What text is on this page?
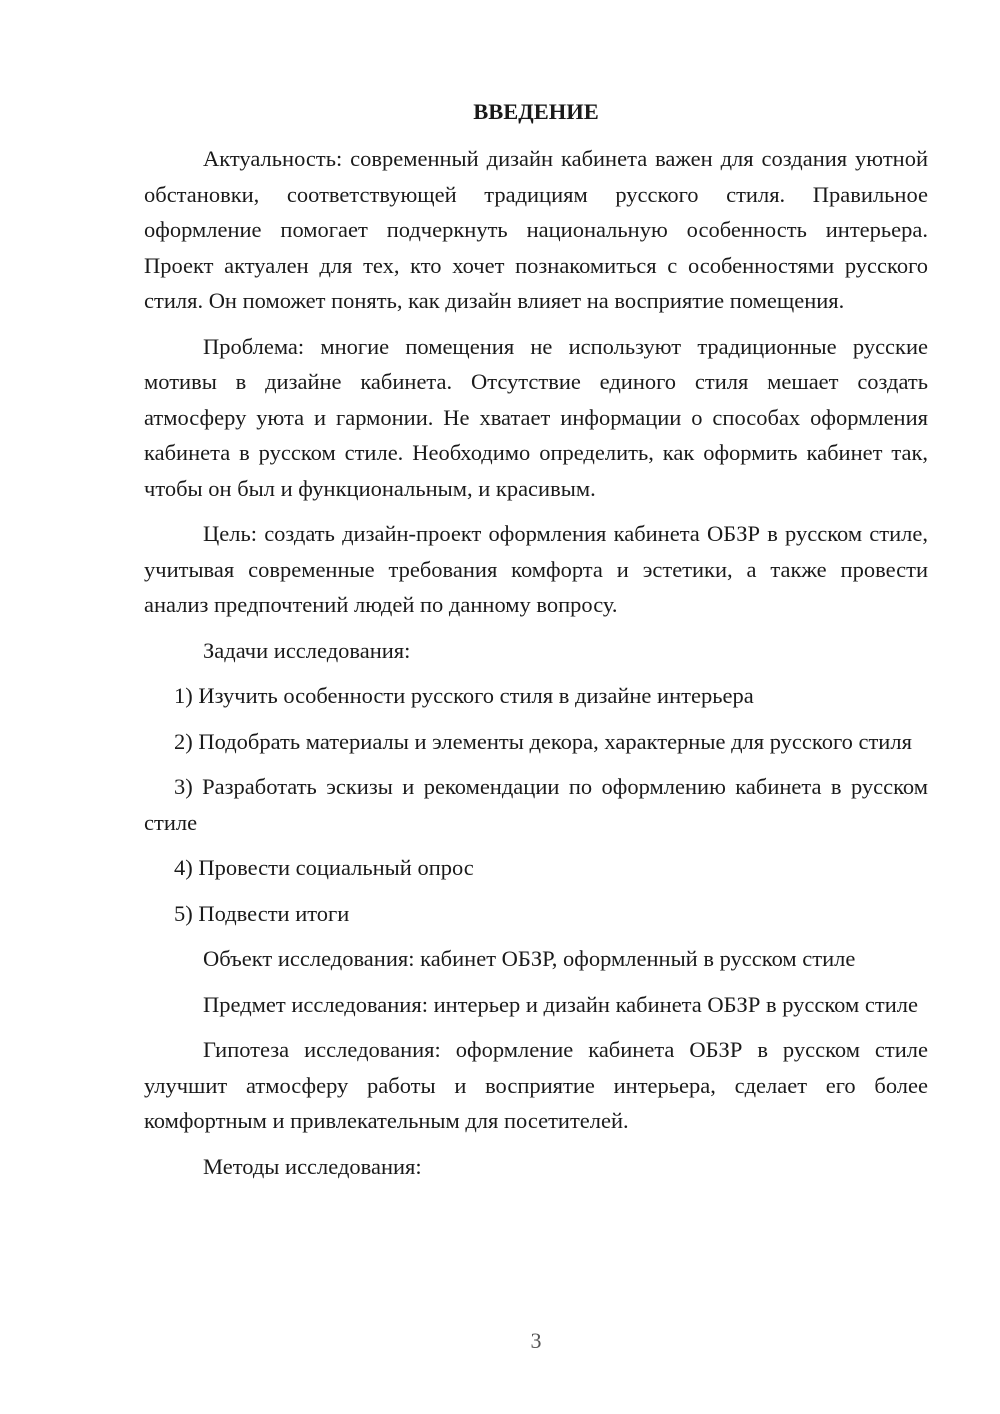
ВВЕДЕНИЕ

Актуальность: современный дизайн кабинета важен для создания уютной обстановки, соответствующей традициям русского стиля. Правильное оформление помогает подчеркнуть национальную особенность интерьера. Проект актуален для тех, кто хочет познакомиться с особенностями русского стиля. Он поможет понять, как дизайн влияет на восприятие помещения.

Проблема: многие помещения не используют традиционные русские мотивы в дизайне кабинета. Отсутствие единого стиля мешает создать атмосферу уюта и гармонии. Не хватает информации о способах оформления кабинета в русском стиле. Необходимо определить, как оформить кабинет так, чтобы он был и функциональным, и красивым.

Цель: создать дизайн-проект оформления кабинета ОБЗР в русском стиле, учитывая современные требования комфорта и эстетики, а также провести анализ предпочтений людей по данному вопросу.

Задачи исследования:

1) Изучить особенности русского стиля в дизайне интерьера

2) Подобрать материалы и элементы декора, характерные для русского стиля

3) Разработать эскизы и рекомендации по оформлению кабинета в русском стиле

4) Провести социальный опрос

5) Подвести итоги

Объект исследования: кабинет ОБЗР, оформленный в русском стиле

Предмет исследования: интерьер и дизайн кабинета ОБЗР в русском стиле

Гипотеза исследования: оформление кабинета ОБЗР в русском стиле улучшит атмосферу работы и восприятие интерьера, сделает его более комфортным и привлекательным для посетителей.

Методы исследования:

3
